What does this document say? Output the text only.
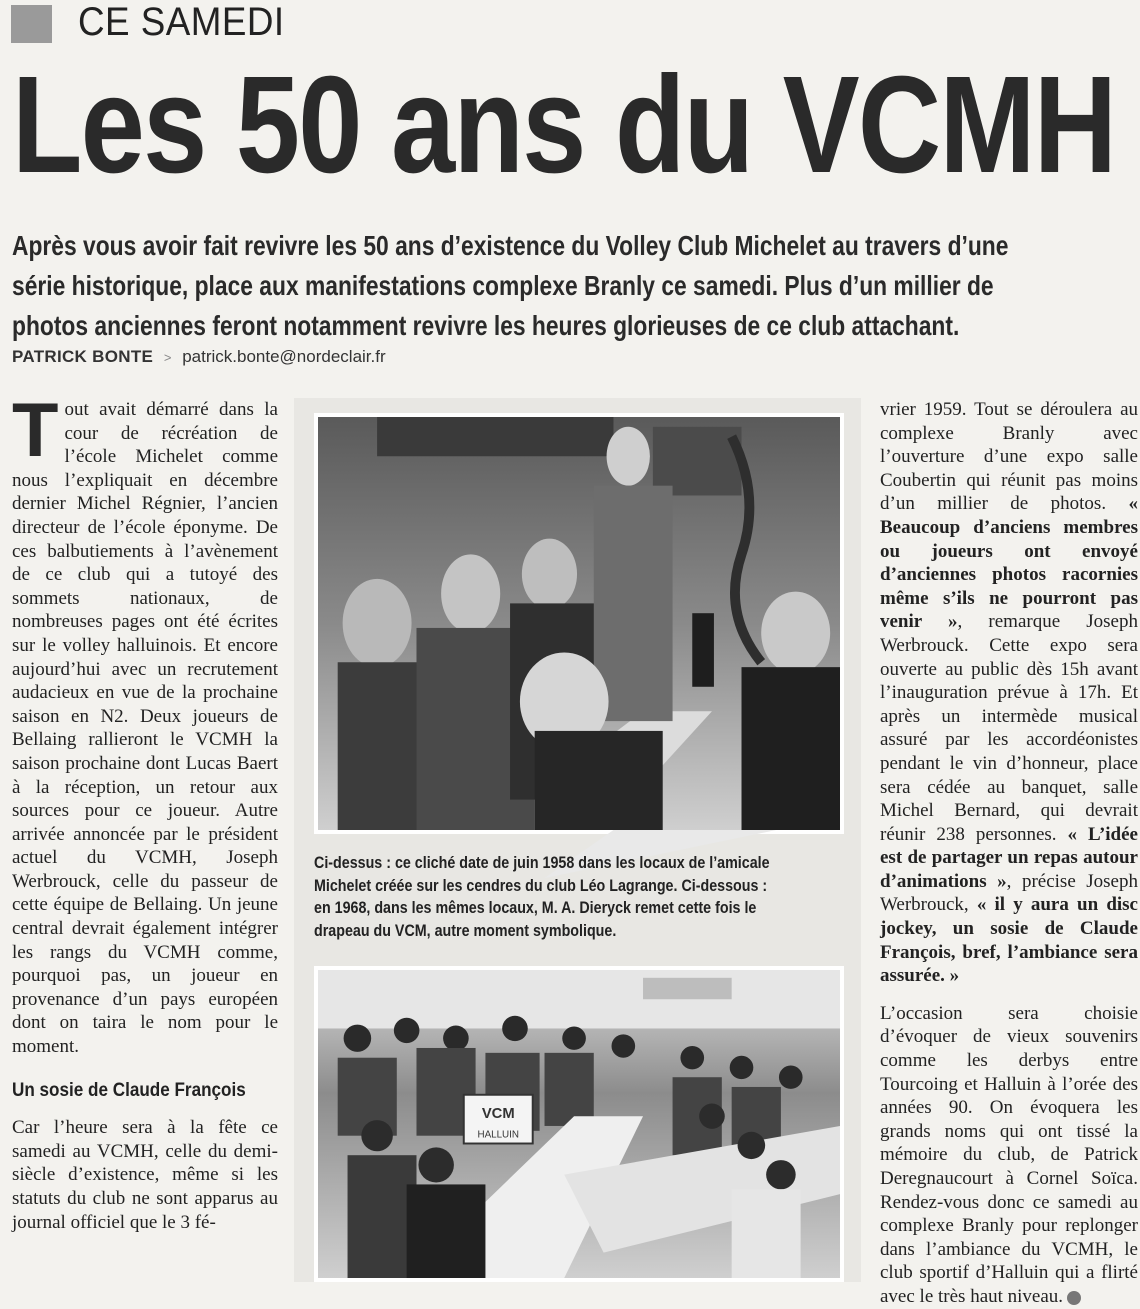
CE SAMEDI
Les 50 ans du VCMH
Après vous avoir fait revivre les 50 ans d’existence du Volley Club Michelet au travers d’une
série historique, place aux manifestations complexe Branly ce samedi. Plus d’un millier de
photos anciennes feront notamment revivre les heures glorieuses de ce club attachant.
PATRICK BONTE > patrick.bonte@nordeclair.fr

Tout avait démarré dans la cour de récréation de l’école Michelet comme nous l’expliquait en décembre dernier Michel Régnier, l’ancien directeur de l’école éponyme. De ces balbutiements à l’avènement de ce club qui a tutoyé des sommets nationaux, de nombreuses pages ont été écrites sur le volley halluinois. Et encore aujourd’hui avec un recrutement audacieux en vue de la prochaine saison en N2. Deux joueurs de Bellaing rallieront le VCMH la saison prochaine dont Lucas Baert à la réception, un retour aux sources pour ce joueur. Autre arrivée annoncée par le président actuel du VCMH, Joseph Werbrouck, celle du passeur de cette équipe de Bellaing. Un jeune central devrait également intégrer les rangs du VCMH comme, pourquoi pas, un joueur en provenance d’un pays européen dont on taira le nom pour le moment.

Un sosie de Claude François

Car l’heure sera à la fête ce samedi au VCMH, celle du demi-siècle d’existence, même si les statuts du club ne sont apparus au journal officiel que le 3 fé-

Ci-dessus : ce cliché date de juin 1958 dans les locaux de l’amicale
Michelet créée sur les cendres du club Léo Lagrange. Ci-dessous :
en 1968, dans les mêmes locaux, M. A. Dieryck remet cette fois le
drapeau du VCM, autre moment symbolique.
VCM
HALLUIN

vrier 1959. Tout se déroulera au complexe Branly avec l’ouverture d’une expo salle Coubertin qui réunit pas moins d’un millier de photos. « Beaucoup d’anciens membres ou joueurs ont envoyé d’anciennes photos racornies même s’ils ne pourront pas venir », remarque Joseph Werbrouck. Cette expo sera ouverte au public dès 15h avant l’inauguration prévue à 17h. Et après un intermède musical assuré par les accordéonistes pendant le vin d’honneur, place sera cédée au banquet, salle Michel Bernard, qui devrait réunir 238 personnes. « L’idée est de partager un repas autour d’animations », précise Joseph Werbrouck, « il y aura un disc jockey, un sosie de Claude François, bref, l’ambiance sera assurée. »

L’occasion sera choisie d’évoquer de vieux souvenirs comme les derbys entre Tourcoing et Halluin à l’orée des années 90. On évoquera les grands noms qui ont tissé la mémoire du club, de Patrick Deregnaucourt à Cornel Soïca. Rendez-vous donc ce samedi au complexe Branly pour replonger dans l’ambiance du VCMH, le club sportif d’Halluin qui a flirté avec le très haut niveau.
